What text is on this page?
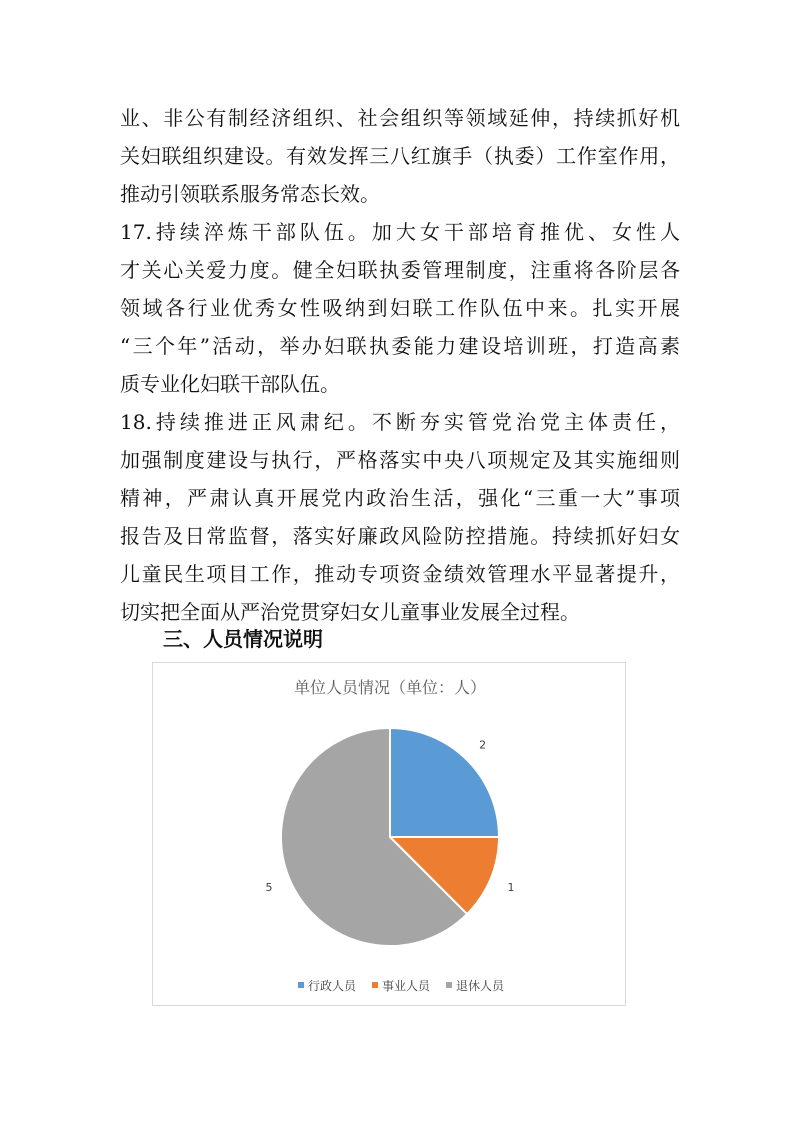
业、非公有制经济组织、社会组织等领域延伸，持续抓好机
关妇联组织建设。有效发挥三八红旗手（执委）工作室作用，
推动引领联系服务常态长效。

17.持续淬炼干部队伍。加大女干部培育推优、女性人
才关心关爱力度。健全妇联执委管理制度，注重将各阶层各
领域各行业优秀女性吸纳到妇联工作队伍中来。扎实开展
“三个年”活动，举办妇联执委能力建设培训班，打造高素
质专业化妇联干部队伍。

18.持续推进正风肃纪。不断夯实管党治党主体责任，
加强制度建设与执行，严格落实中央八项规定及其实施细则
精神，严肃认真开展党内政治生活，强化“三重一大”事项
报告及日常监督，落实好廉政风险防控措施。持续抓好妇女
儿童民生项目工作，推动专项资金绩效管理水平显著提升，
切实把全面从严治党贯穿妇女儿童事业发展全过程。

三、人员情况说明
单位人员情况（单位：人）
2
1
5
行政人员 事业人员 退休人员
